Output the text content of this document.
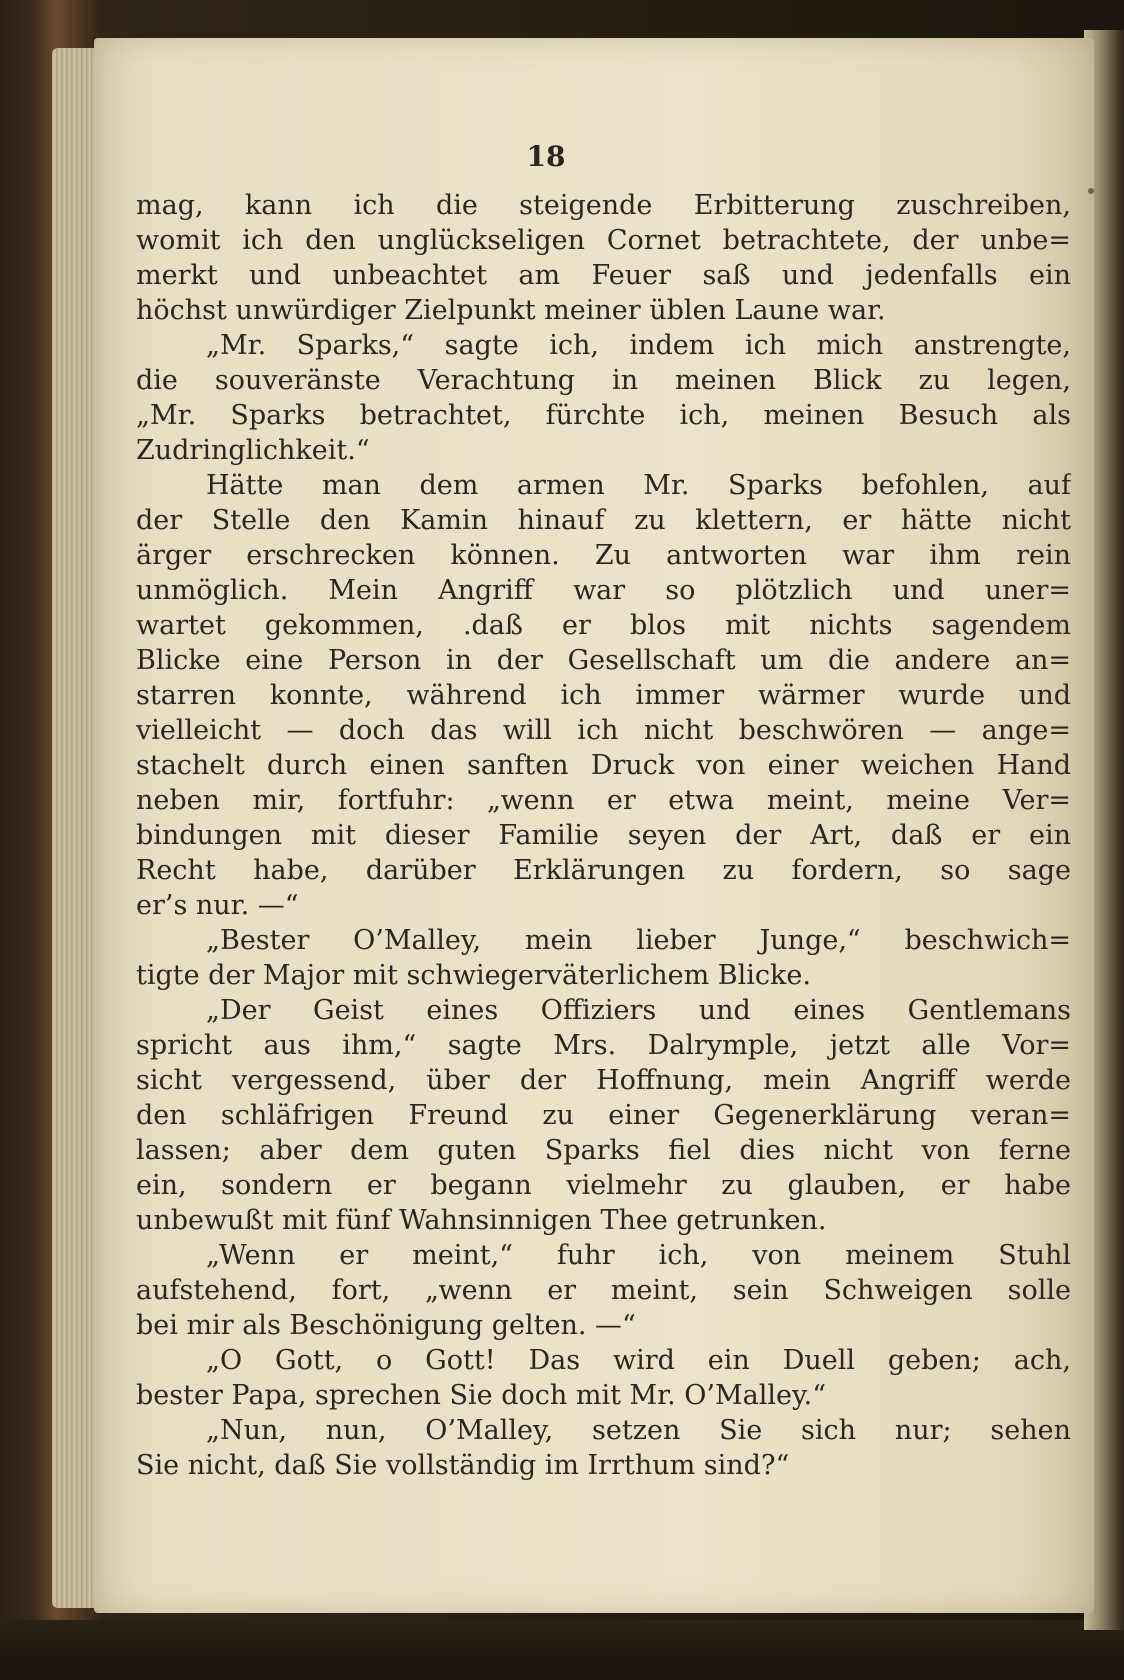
18
mag, kann ich die steigende Erbitterung zuschreiben,
womit ich den unglückseligen Cornet betrachtete, der unbe=
merkt und unbeachtet am Feuer saß und jedenfalls ein
höchst unwürdiger Zielpunkt meiner üblen Laune war.
„Mr. Sparks,“ sagte ich, indem ich mich anstrengte,
die souveränste Verachtung in meinen Blick zu legen,
„Mr. Sparks betrachtet, fürchte ich, meinen Besuch als
Zudringlichkeit.“
Hätte man dem armen Mr. Sparks befohlen, auf
der Stelle den Kamin hinauf zu klettern, er hätte nicht
ärger erschrecken können. Zu antworten war ihm rein
unmöglich. Mein Angriff war so plötzlich und uner=
wartet gekommen, .daß er blos mit nichts sagendem
Blicke eine Person in der Gesellschaft um die andere an=
starren konnte, während ich immer wärmer wurde und
vielleicht — doch das will ich nicht beschwören — ange=
stachelt durch einen sanften Druck von einer weichen Hand
neben mir, fortfuhr: „wenn er etwa meint, meine Ver=
bindungen mit dieser Familie seyen der Art, daß er ein
Recht habe, darüber Erklärungen zu fordern, so sage
er’s nur. —“
„Bester O’Malley, mein lieber Junge,“ beschwich=
tigte der Major mit schwiegerväterlichem Blicke.
„Der Geist eines Offiziers und eines Gentlemans
spricht aus ihm,“ sagte Mrs. Dalrymple, jetzt alle Vor=
sicht vergessend, über der Hoffnung, mein Angriff werde
den schläfrigen Freund zu einer Gegenerklärung veran=
lassen; aber dem guten Sparks fiel dies nicht von ferne
ein, sondern er begann vielmehr zu glauben, er habe
unbewußt mit fünf Wahnsinnigen Thee getrunken.
„Wenn er meint,“ fuhr ich, von meinem Stuhl
aufstehend, fort, „wenn er meint, sein Schweigen solle
bei mir als Beschönigung gelten. —“
„O Gott, o Gott! Das wird ein Duell geben; ach,
bester Papa, sprechen Sie doch mit Mr. O’Malley.“
„Nun, nun, O’Malley, setzen Sie sich nur; sehen
Sie nicht, daß Sie vollständig im Irrthum sind?“
